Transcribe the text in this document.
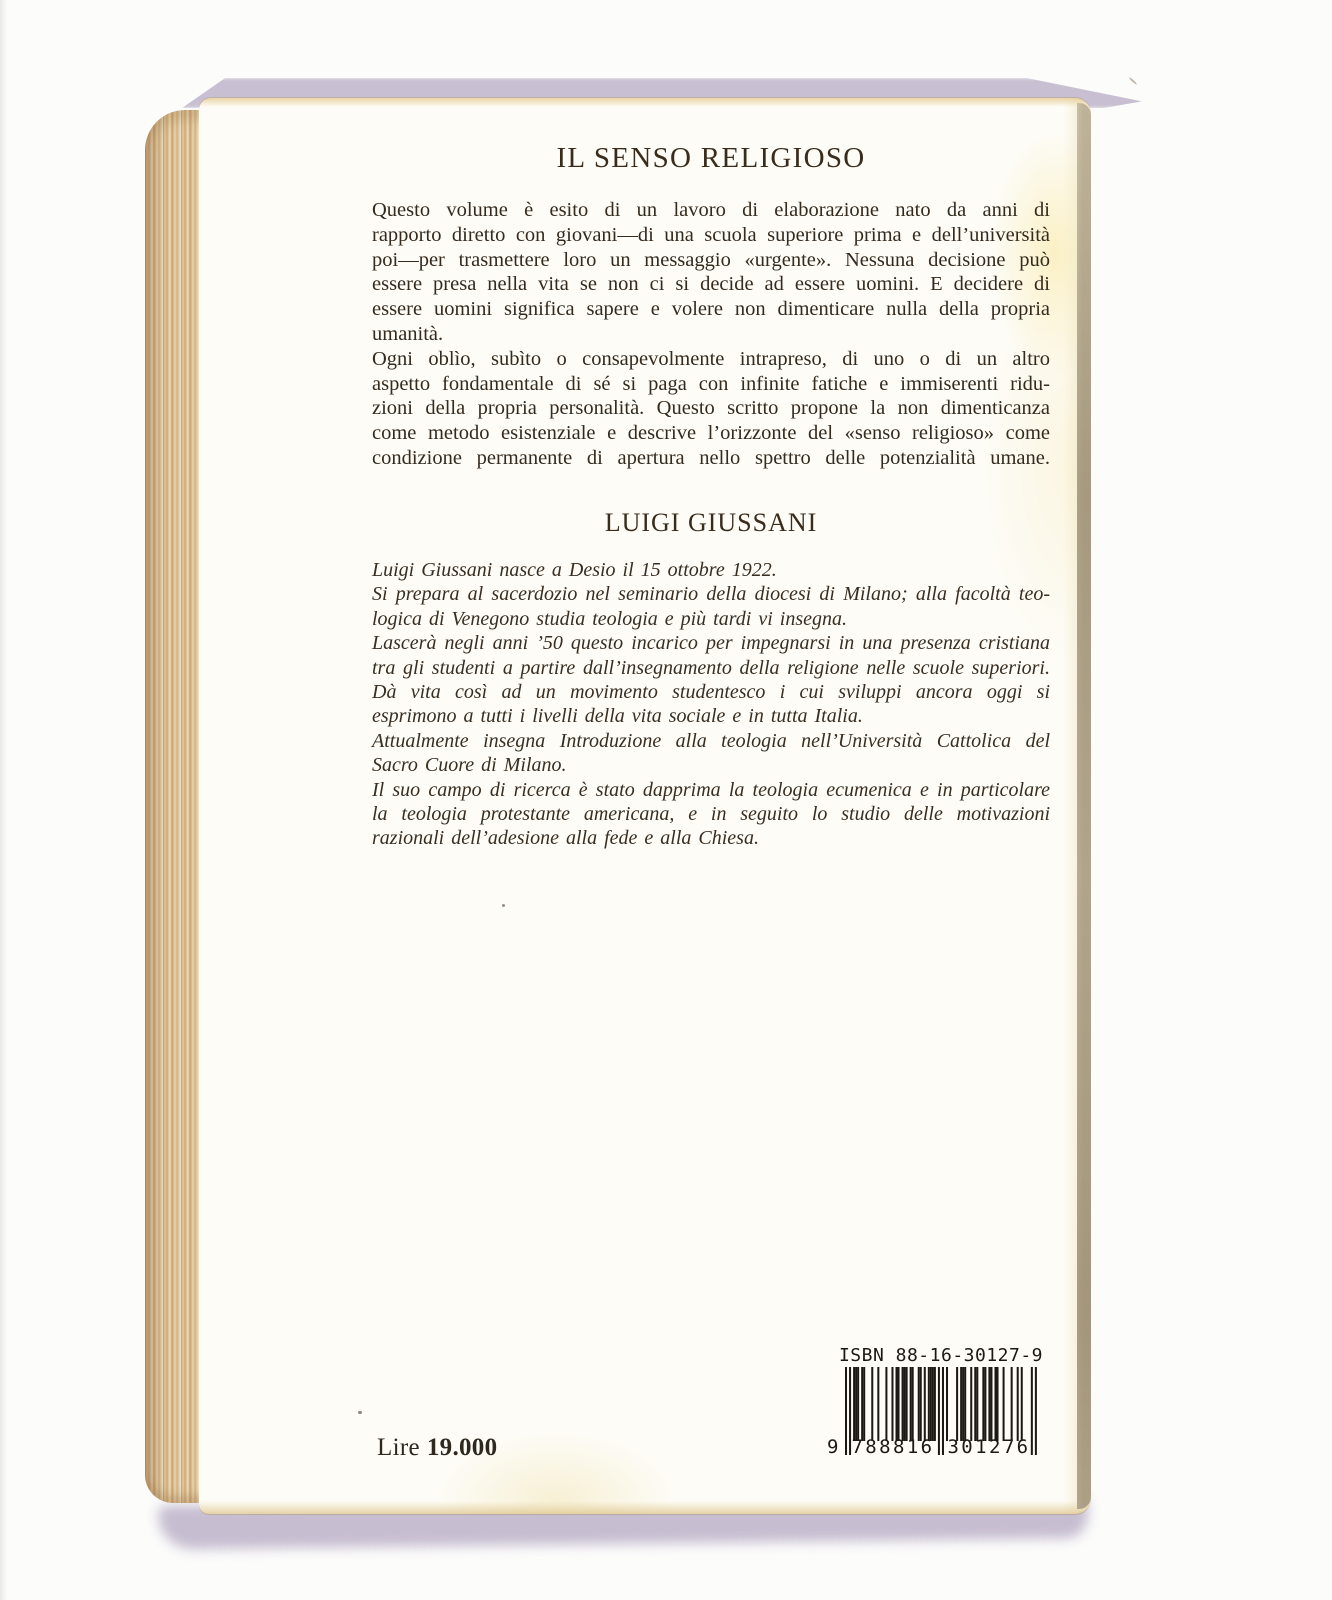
IL SENSO RELIGIOSO
Questo volume è esito di un lavoro di elaborazione nato da anni di
rapporto diretto con giovani—di una scuola superiore prima e dell’università
poi—per trasmettere loro un messaggio «urgente». Nessuna decisione può
essere presa nella vita se non ci si decide ad essere uomini. E decidere di
essere uomini significa sapere e volere non dimenticare nulla della propria
umanità.
Ogni oblìo, subìto o consapevolmente intrapreso, di uno o di un altro
aspetto fondamentale di sé si paga con infinite fatiche e immiserenti ridu-
zioni della propria personalità. Questo scritto propone la non dimenticanza
come metodo esistenziale e descrive l’orizzonte del «senso religioso» come
condizione permanente di apertura nello spettro delle potenzialità umane.
LUIGI GIUSSANI
Luigi Giussani nasce a Desio il 15 ottobre 1922.
Si prepara al sacerdozio nel seminario della diocesi di Milano; alla facoltà teo-
logica di Venegono studia teologia e più tardi vi insegna.
Lascerà negli anni ’50 questo incarico per impegnarsi in una presenza cristiana
tra gli studenti a partire dall’insegnamento della religione nelle scuole superiori.
Dà vita così ad un movimento studentesco i cui sviluppi ancora oggi si
esprimono a tutti i livelli della vita sociale e in tutta Italia.
Attualmente insegna Introduzione alla teologia nell’Università Cattolica del
Sacro Cuore di Milano.
Il suo campo di ricerca è stato dapprima la teologia ecumenica e in particolare
la teologia protestante americana, e in seguito lo studio delle motivazioni
razionali dell’adesione alla fede e alla Chiesa.
Lire 19.000
ISBN 88-16-30127-9
9 788816 301276
